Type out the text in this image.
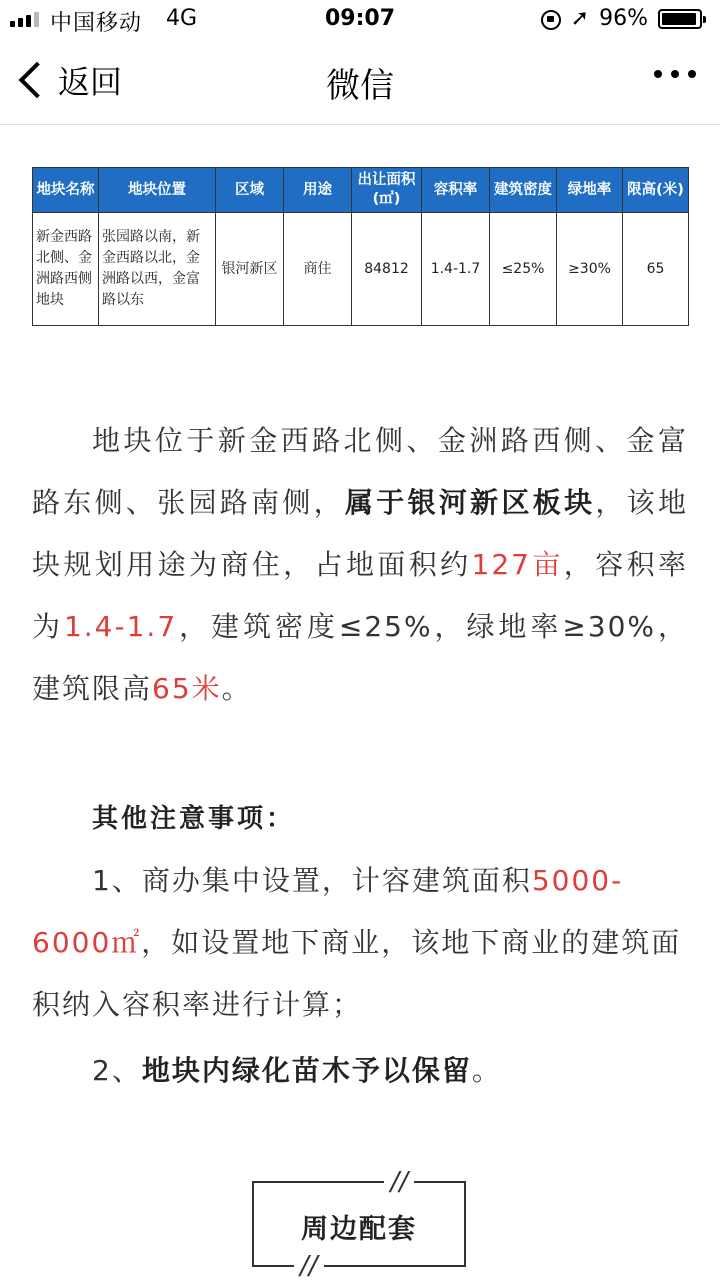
中国移动 4G	09:07	➚ 96%
返回	微信
地块名称	地块位置	区域	用途	出让面积(㎡)	容积率	建筑密度	绿地率	限高(米)
新金西路北侧、金洲路西侧地块	张园路以南，新金西路以北，金洲路以西，金富路以东	银河新区	商住	84812	1.4-1.7	≤25%	≥30%	65

地块位于新金西路北侧、金洲路西侧、金富路东侧、张园路南侧，属于银河新区板块，该地块规划用途为商住，占地面积约127亩，容积率为1.4-1.7，建筑密度≤25%，绿地率≥30%，建筑限高65米。

其他注意事项：

1、商办集中设置，计容建筑面积5000-6000㎡，如设置地下商业，该地下商业的建筑面积纳入容积率进行计算；

2、地块内绿化苗木予以保留。

//
周边配套
//
